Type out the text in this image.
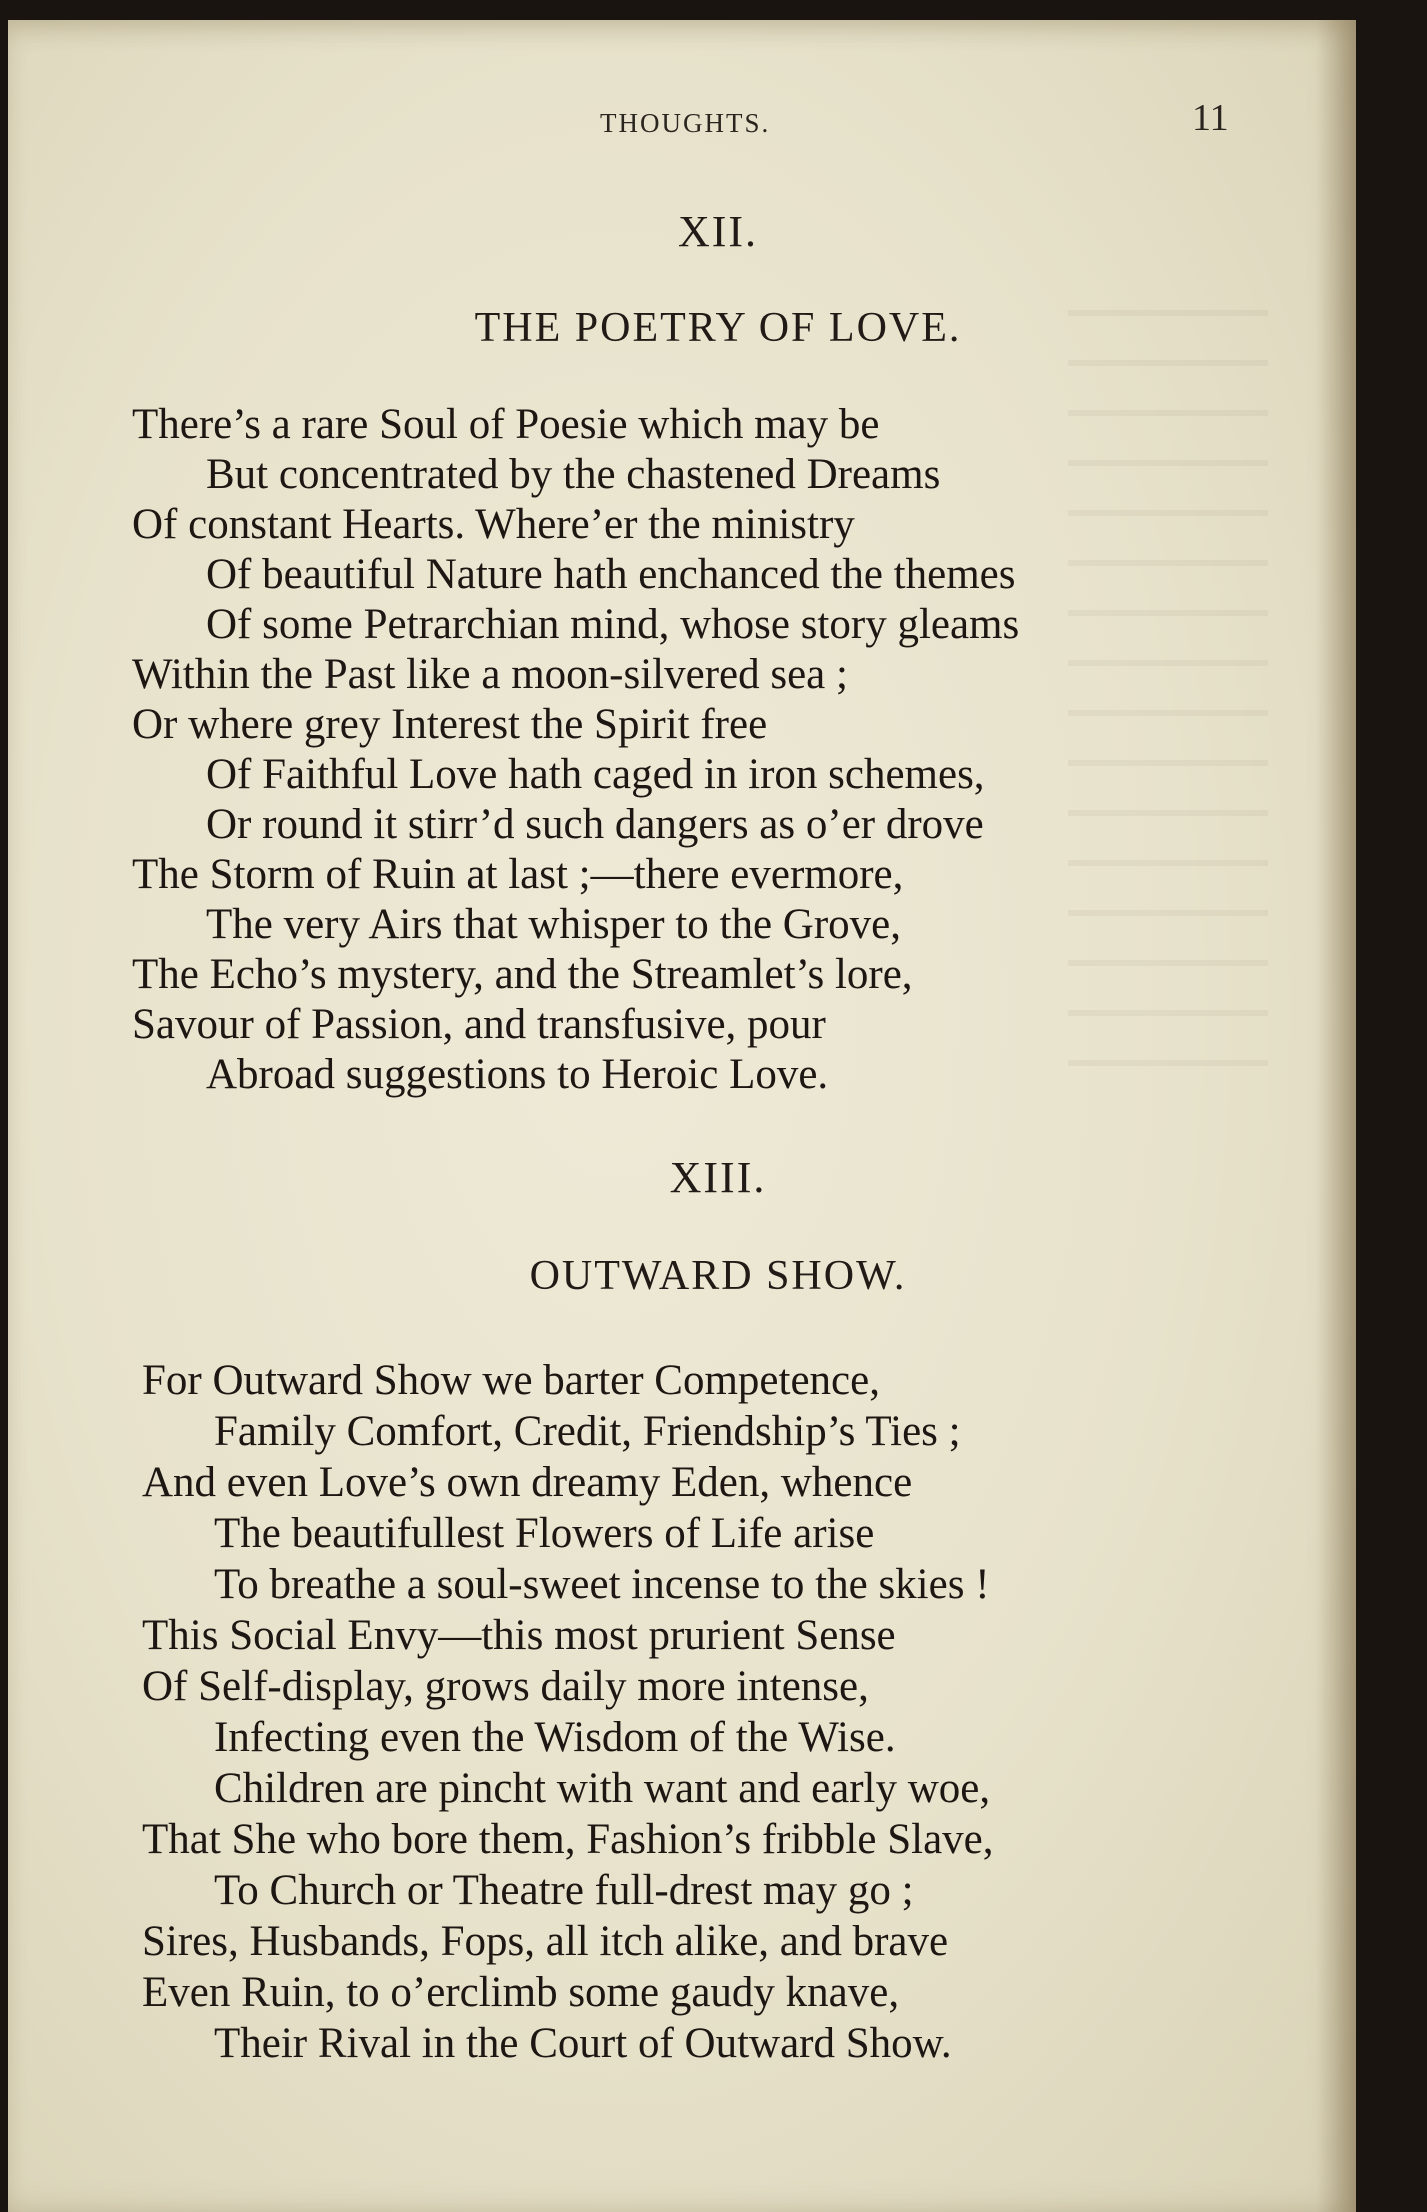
THOUGHTS.	11
XII.
THE POETRY OF LOVE.
There’s a rare Soul of Poesie which may be
But concentrated by the chastened Dreams
Of constant Hearts. Where’er the ministry
Of beautiful Nature hath enchanced the themes
Of some Petrarchian mind, whose story gleams
Within the Past like a moon-silvered sea ;
Or where grey Interest the Spirit free
Of Faithful Love hath caged in iron schemes,
Or round it stirr’d such dangers as o’er drove
The Storm of Ruin at last ;—there evermore,
The very Airs that whisper to the Grove,
The Echo’s mystery, and the Streamlet’s lore,
Savour of Passion, and transfusive, pour
Abroad suggestions to Heroic Love.
XIII.
OUTWARD SHOW.
For Outward Show we barter Competence,
Family Comfort, Credit, Friendship’s Ties ;
And even Love’s own dreamy Eden, whence
The beautifullest Flowers of Life arise
To breathe a soul-sweet incense to the skies !
This Social Envy—this most prurient Sense
Of Self-display, grows daily more intense,
Infecting even the Wisdom of the Wise.
Children are pincht with want and early woe,
That She who bore them, Fashion’s fribble Slave,
To Church or Theatre full-drest may go ;
Sires, Husbands, Fops, all itch alike, and brave
Even Ruin, to o’erclimb some gaudy knave,
Their Rival in the Court of Outward Show.
